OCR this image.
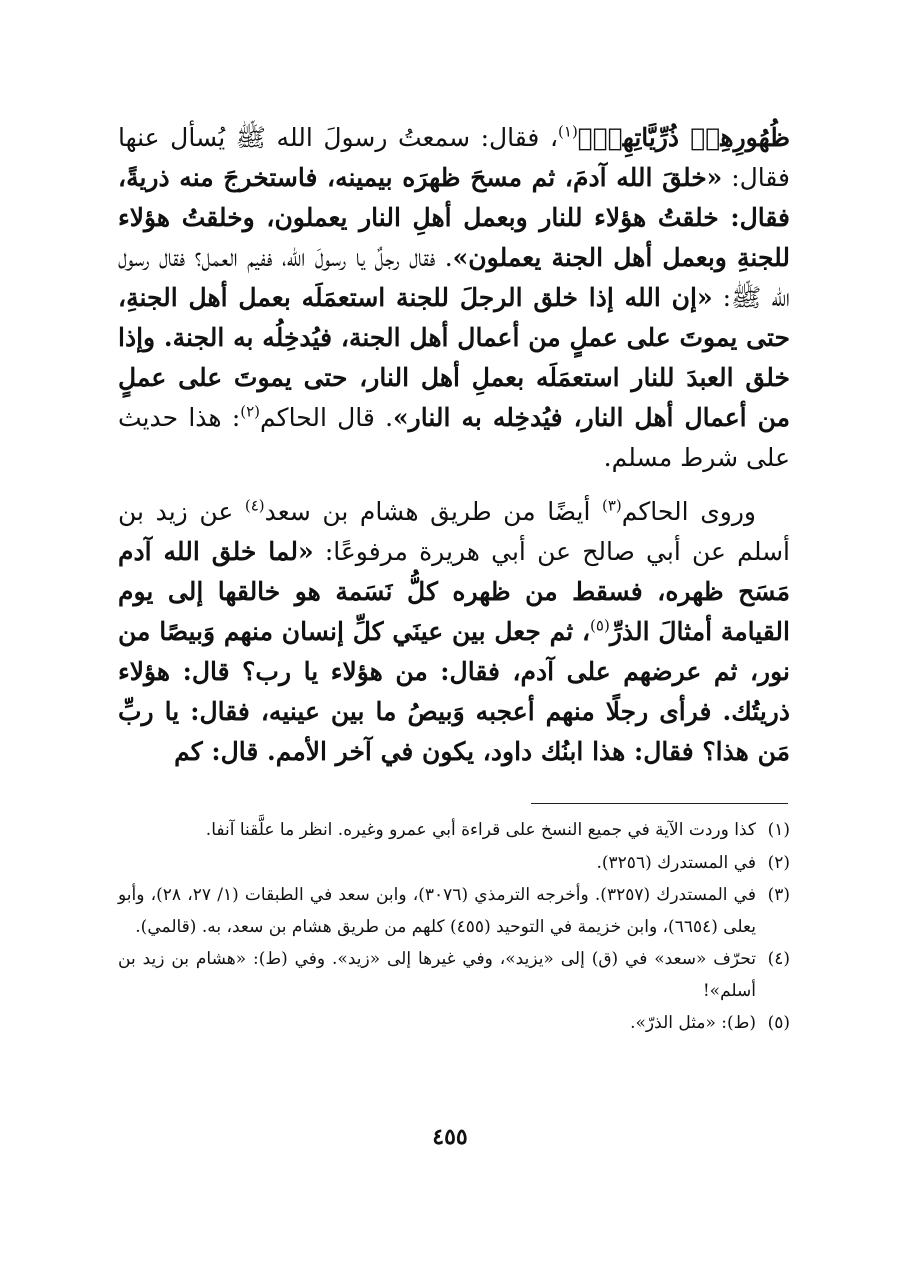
ظُهُورِهِمۡ ذُرِّيَّاتِهِمۡ﴾$^{(١)}$، فقال: سمعتُ رسولَ الله ﷺ يُسأل عنها فقال: «خلقَ الله آدمَ، ثم مسحَ ظهرَه بيمينه، فاستخرجَ منه ذريةً، فقال: خلقتُ هؤلاء للنار وبعمل أهلِ النار يعملون، وخلقتُ هؤلاء للجنةِ وبعمل أهل الجنة يعملون». فقال رجلٌ يا رسولَ الله، ففيم العمل؟ فقال رسول الله ﷺ: «إن الله إذا خلق الرجلَ للجنة استعمَلَه بعمل أهل الجنةِ، حتى يموتَ على عملٍ من أعمال أهل الجنة، فيُدخِلُه به الجنة. وإذا خلق العبدَ للنار استعمَلَه بعملِ أهل النار، حتى يموتَ على عملٍ من أعمال أهل النار، فيُدخِله به النار». قال الحاكم$^{(٢)}$: هذا حديث على شرط مسلم.

وروى الحاكم$^{(٣)}$ أيضًا من طريق هشام بن سعد$^{(٤)}$ عن زيد بن أسلم عن أبي صالح عن أبي هريرة مرفوعًا: «لما خلق الله آدم مَسَح ظهره، فسقط من ظهره كلُّ نَسَمة هو خالقها إلى يوم القيامة أمثالَ الذرِّ$^{(٥)}$، ثم جعل بين عينَي كلِّ إنسان منهم وَبيصًا من نور، ثم عرضهم على آدم، فقال: من هؤلاء يا رب؟ قال: هؤلاء ذريتُك. فرأى رجلًا منهم أعجبه وَبيصُ ما بين عينيه، فقال: يا ربِّ مَن هذا؟ فقال: هذا ابنُك داود، يكون في آخر الأمم. قال: كم

(١)
كذا وردت الآية في جميع النسخ على قراءة أبي عمرو وغيره. انظر ما علَّقنا آنفا.
(٢)
في المستدرك (٣٢٥٦).
(٣)
في المستدرك (٣٢٥٧). وأخرجه الترمذي (٣٠٧٦)، وابن سعد في الطبقات (١/ ٢٧، ٢٨)، وأبو يعلى (٦٦٥٤)، وابن خزيمة في التوحيد (٤٥٥) كلهم من طريق هشام بن سعد، به. (قالمي).
(٤)
تحرّف «سعد» في (ق) إلى «يزيد»، وفي غيرها إلى «زيد». وفي (ط): «هشام بن زيد بن أسلم»!
(٥)
(ط): «مثل الذرّ».
٤٥٥
